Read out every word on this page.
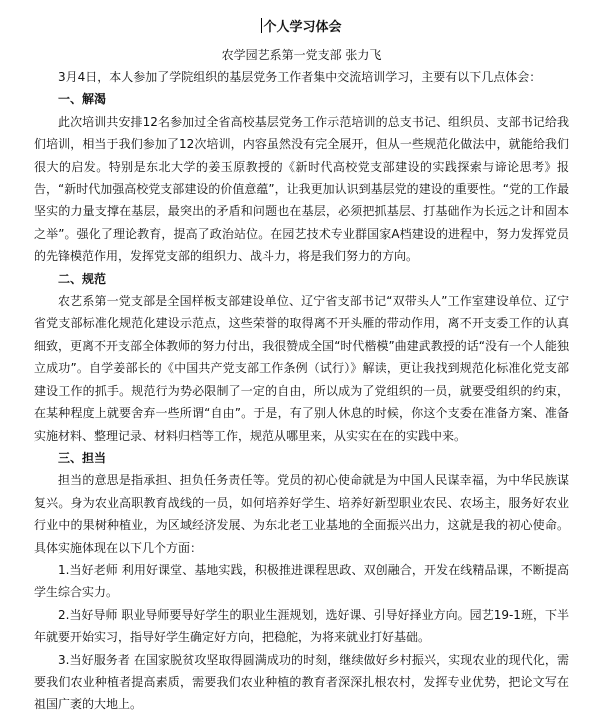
个人学习体会
农学园艺系第一党支部 张力飞

3月4日，本人参加了学院组织的基层党务工作者集中交流培训学习，主要有以下几点体会：

一、解渴

此次培训共安排12名参加过全省高校基层党务工作示范培训的总支书记、组织员、支部书记给我们培训，相当于我们参加了12次培训，内容虽然没有完全展开，但从一些规范化做法中，就能给我们很大的启发。特别是东北大学的姜玉原教授的《新时代高校党支部建设的实践探索与谛论思考》报告，“新时代加强高校党支部建设的价值意蕴”，让我更加认识到基层党的建设的重要性。“党的工作最坚实的力量支撑在基层，最突出的矛盾和问题也在基层，必须把抓基层、打基础作为长远之计和固本之举”。强化了理论教育，提高了政治站位。在园艺技术专业群国家A档建设的进程中，努力发挥党员的先锋模范作用，发挥党支部的组织力、战斗力，将是我们努力的方向。

二、规范

农艺系第一党支部是全国样板支部建设单位、辽宁省支部书记“双带头人”工作室建设单位、辽宁省党支部标准化规范化建设示范点，这些荣誉的取得离不开头雁的带动作用，离不开支委工作的认真细致，更离不开支部全体教师的努力付出，我很赞成全国“时代楷模”曲建武教授的话“没有一个人能独立成功”。自学姜部长的《中国共产党支部工作条例（试行）》解读，更让我找到规范化标准化党支部建设工作的抓手。规范行为势必限制了一定的自由，所以成为了党组织的一员，就要受组织的约束，在某种程度上就要舍弃一些所谓“自由”。于是，有了别人休息的时候，你这个支委在准备方案、准备实施材料、整理记录、材料归档等工作，规范从哪里来，从实实在在的实践中来。

三、担当

担当的意思是指承担、担负任务责任等。党员的初心使命就是为中国人民谋幸福，为中华民族谋复兴。身为农业高职教育战线的一员，如何培养好学生、培养好新型职业农民、农场主，服务好农业行业中的果树种植业，为区域经济发展、为东北老工业基地的全面振兴出力，这就是我的初心使命。具体实施体现在以下几个方面：

1.当好老师 利用好课堂、基地实践，积极推进课程思政、双创融合，开发在线精品课，不断提高学生综合实力。

2.当好导师 职业导师要导好学生的职业生涯规划，选好课、引导好择业方向。园艺19-1班，下半年就要开始实习，指导好学生确定好方向，把稳舵，为将来就业打好基础。

3.当好服务者 在国家脱贫攻坚取得圆满成功的时刻，继续做好乡村振兴，实现农业的现代化，需要我们农业种植者提高素质，需要我们农业种植的教育者深深扎根农村，发挥专业优势，把论文写在祖国广袤的大地上。
